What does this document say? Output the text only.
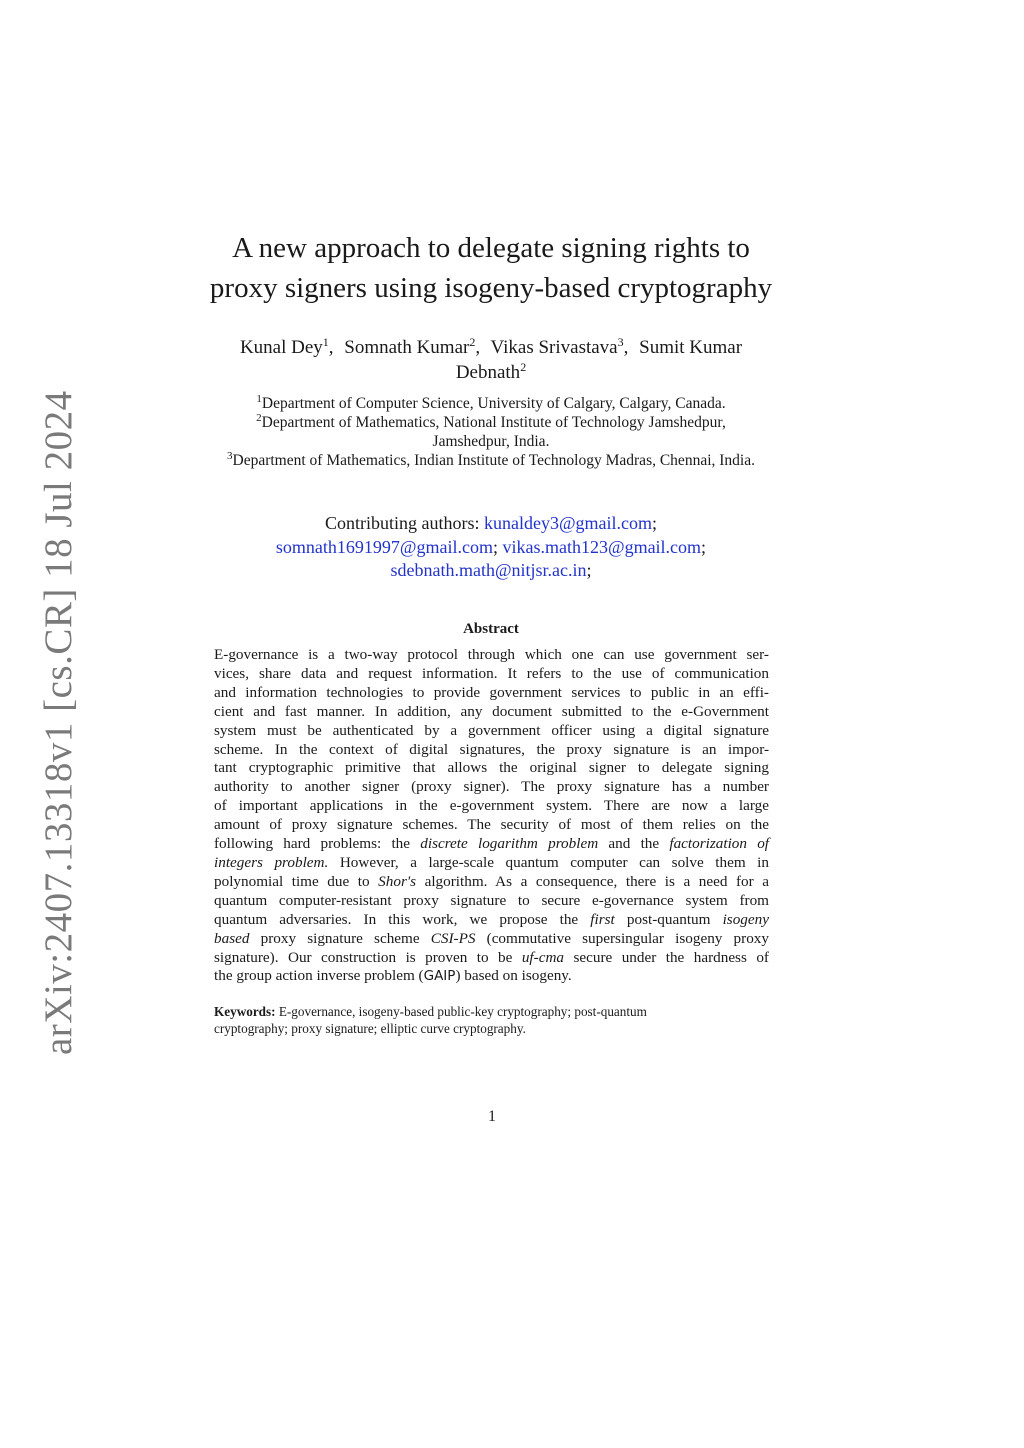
arXiv:2407.13318v1 [cs.CR] 18 Jul 2024
A new approach to delegate signing rights to
proxy signers using isogeny-based cryptography
Kunal Dey$^1$, Somnath Kumar$^2$, Vikas Srivastava$^3$, Sumit Kumar
Debnath$^2$
$^1$Department of Computer Science, University of Calgary, Calgary, Canada.
$^2$Department of Mathematics, National Institute of Technology Jamshedpur,
Jamshedpur, India.
$^3$Department of Mathematics, Indian Institute of Technology Madras, Chennai, India.
Contributing authors: kunaldey3@gmail.com;
somnath1691997@gmail.com; vikas.math123@gmail.com;
sdebnath.math@nitjsr.ac.in;
Abstract
E-governance is a two-way protocol through which one can use government ser-
vices, share data and request information. It refers to the use of communication
and information technologies to provide government services to public in an effi-
cient and fast manner. In addition, any document submitted to the e-Government
system must be authenticated by a government officer using a digital signature
scheme. In the context of digital signatures, the proxy signature is an impor-
tant cryptographic primitive that allows the original signer to delegate signing
authority to another signer (proxy signer). The proxy signature has a number
of important applications in the e-government system. There are now a large
amount of proxy signature schemes. The security of most of them relies on the
following hard problems: the discrete logarithm problem and the factorization of
integers problem. However, a large-scale quantum computer can solve them in
polynomial time due to Shor's algorithm. As a consequence, there is a need for a
quantum computer-resistant proxy signature to secure e-governance system from
quantum adversaries. In this work, we propose the first post-quantum isogeny
based proxy signature scheme CSI-PS (commutative supersingular isogeny proxy
signature). Our construction is proven to be uf-cma secure under the hardness of
the group action inverse problem (GAIP) based on isogeny.
Keywords: E-governance, isogeny-based public-key cryptography; post-quantum
cryptography; proxy signature; elliptic curve cryptography.
1
